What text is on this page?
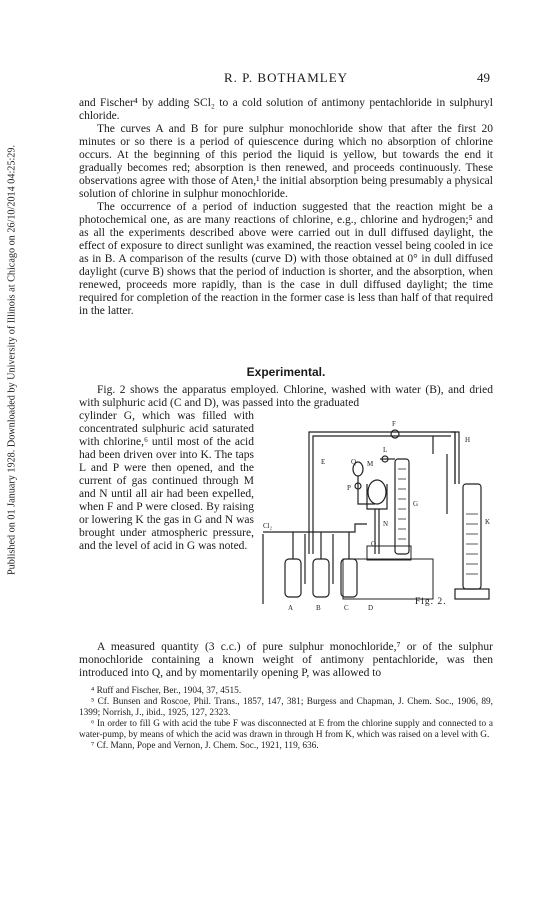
Published on 01 January 1928. Downloaded by University of Illinois at Chicago on 26/10/2014 04:25:29.
R. P. BOTHAMLEY	49

and Fischer⁴ by adding SCl₂ to a cold solution of antimony pentachloride in sulphuryl chloride.

The curves A and B for pure sulphur monochloride show that after the first 20 minutes or so there is a period of quiescence during which no absorption of chlorine occurs. At the beginning of this period the liquid is yellow, but towards the end it gradually becomes red; absorption is then renewed, and proceeds continuously. These observations agree with those of Aten,¹ the initial absorption being presumably a physical solution of chlorine in sulphur monochloride.

The occurrence of a period of induction suggested that the reaction might be a photochemical one, as are many reactions of chlorine, e.g., chlorine and hydrogen;⁵ and as all the experiments described above were carried out in dull diffused daylight, the effect of exposure to direct sunlight was examined, the reaction vessel being cooled in ice as in B. A comparison of the results (curve D) with those obtained at 0° in dull diffused daylight (curve B) shows that the period of induction is shorter, and the absorption, when renewed, proceeds more rapidly, than is the case in dull diffused daylight; the time required for completion of the reaction in the former case is less than half of that required in the latter.

Experimental.

Fig. 2 shows the apparatus employed. Chlorine, washed with water (B), and dried with sulphuric acid (C and D), was passed into the graduated

cylinder G, which was filled with concentrated sulphuric acid saturated with chlorine,⁶ until most of the acid had been driven over into K. The taps L and P were then opened, and the current of gas continued through M and N until all air had been expelled, when F and P were closed. By raising or lowering K the gas in G and N was brought under atmospheric pressure, and the level of acid in G was noted.

F
H
E
L
M
Q
P
N
O
G
K
Cl₂
A	B	C	D
Fig. 2.

A measured quantity (3 c.c.) of pure sulphur monochloride,⁷ or of the sulphur monochloride containing a known weight of antimony pentachloride, was then introduced into Q, and by momentarily opening P, was allowed to

⁴ Ruff and Fischer, Ber., 1904, 37, 4515.

⁵ Cf. Bunsen and Roscoe, Phil. Trans., 1857, 147, 381; Burgess and Chapman, J. Chem. Soc., 1906, 89, 1399; Norrish, J., ibid., 1925, 127, 2323.

⁶ In order to fill G with acid the tube F was disconnected at E from the chlorine supply and connected to a water-pump, by means of which the acid was drawn in through H from K, which was raised on a level with G.

⁷ Cf. Mann, Pope and Vernon, J. Chem. Soc., 1921, 119, 636.
